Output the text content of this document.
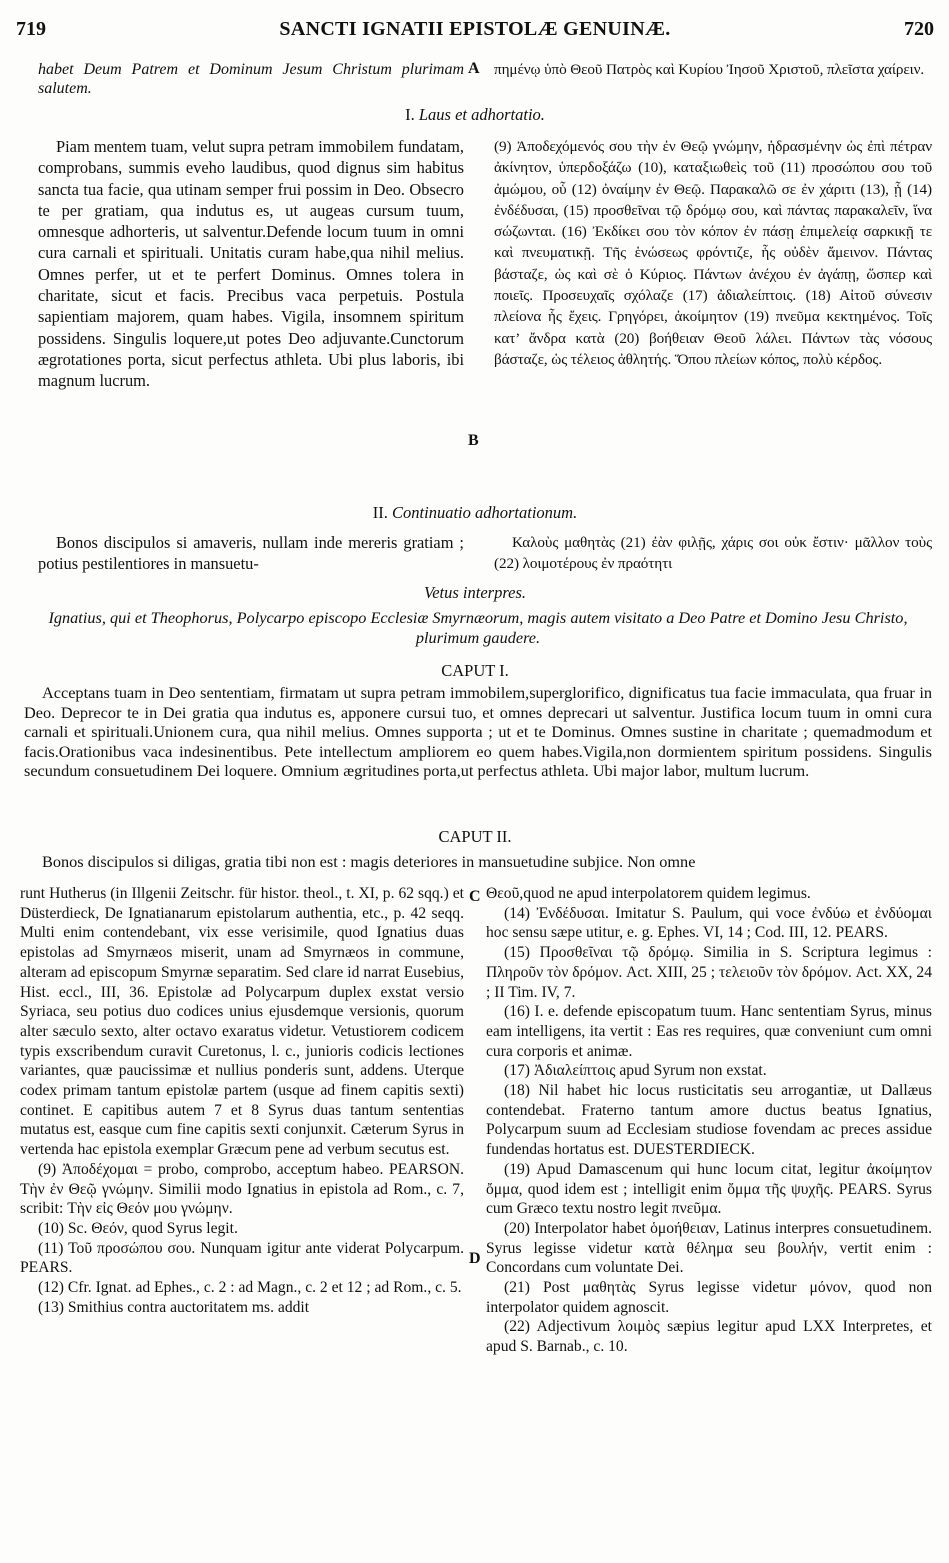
719	SANCTI IGNATII EPISTOLÆ GENUINÆ.	720
habet Deum Patrem et Dominum Jesum Christum plurimam salutem.
πημένῳ ὑπὸ Θεοῦ Πατρὸς καὶ Κυρίου Ἰησοῦ Χριστοῦ, πλεῖστα χαίρειν.
A
I. Laus et adhortatio.

Piam mentem tuam, velut supra petram immobilem fundatam, comprobans, summis eveho laudibus, quod dignus sim habitus sancta tua facie, qua utinam semper frui possim in Deo. Obsecro te per gratiam, qua indutus es, ut augeas cursum tuum, omnesque adhorteris, ut salventur.Defende locum tuum in omni cura carnali et spirituali. Unitatis curam habe,qua nihil melius. Omnes perfer, ut et te perfert Dominus. Omnes tolera in charitate, sicut et facis. Precibus vaca perpetuis. Postula sapientiam majorem, quam habes. Vigila, insomnem spiritum possidens. Singulis loquere,ut potes Deo adjuvante.Cunctorum ægrotationes porta, sicut perfectus athleta. Ubi plus laboris, ibi magnum lucrum.

(9) Ἀποδεχόμενός σου τὴν ἐν Θεῷ γνώμην, ἡδρασμένην ὡς ἐπὶ πέτραν ἀκίνητον, ὑπερδοξάζω (10), καταξιωθεὶς τοῦ (11) προσώπου σου τοῦ ἀμώμου, οὗ (12) ὀναίμην ἐν Θεῷ. Παρακαλῶ σε ἐν χάριτι (13), ᾗ (14) ἐνδέδυσαι, (15) προσθεῖναι τῷ δρόμῳ σου, καὶ πάντας παρακαλεῖν, ἵνα σώζωνται. (16) Ἐκδίκει σου τὸν κόπον ἐν πάσῃ ἐπιμελείᾳ σαρκικῇ τε καὶ πνευματικῇ. Τῆς ἑνώσεως φρόντιζε, ἧς οὐδὲν ἄμεινον. Πάντας βάσταζε, ὡς καὶ σὲ ὁ Κύριος. Πάντων ἀνέχου ἐν ἀγάπῃ, ὥσπερ καὶ ποιεῖς. Προσευχαῖς σχόλαζε (17) ἀδιαλείπτοις. (18) Αἰτοῦ σύνεσιν πλείονα ἧς ἔχεις. Γρηγόρει, ἀκοίμητον (19) πνεῦμα κεκτημένος. Τοῖς κατ’ ἄνδρα κατὰ (20) βοήθειαν Θεοῦ λάλει. Πάντων τὰς νόσους βάσταζε, ὡς τέλειος ἀθλητής. Ὅπου πλείων κόπος, πολὺ κέρδος.

B
II. Continuatio adhortationum.

Bonos discipulos si amaveris, nullam inde mereris gratiam ; potius pestilentiores in mansuetu-

Καλοὺς μαθητὰς (21) ἐὰν φιλῇς, χάρις σοι οὐκ ἔστιν· μᾶλλον τοὺς (22) λοιμοτέρους ἐν πραότητι

Vetus interpres.
Ignatius, qui et Theophorus, Polycarpo episcopo Ecclesiæ Smyrnæorum, magis autem visitato a Deo Patre et Domino Jesu Christo, plurimum gaudere.
CAPUT I.

Acceptans tuam in Deo sententiam, firmatam ut supra petram immobilem,superglorifico, dignificatus tua facie immaculata, qua fruar in Deo. Deprecor te in Dei gratia qua indutus es, apponere cursui tuo, et omnes deprecari ut salventur. Justifica locum tuum in omni cura carnali et spirituali.Unionem cura, qua nihil melius. Omnes supporta ; ut et te Dominus. Omnes sustine in charitate ; quemadmodum et facis.Orationibus vaca indesinentibus. Pete intellectum ampliorem eo quem habes.Vigila,non dormientem spiritum possidens. Singulis secundum consuetudinem Dei loquere. Omnium ægritudines porta,ut perfectus athleta. Ubi major labor, multum lucrum.

CAPUT II.

Bonos discipulos si diligas, gratia tibi non est : magis deteriores in mansuetudine subjice. Non omne

runt Hutherus (in Illgenii Zeitschr. für histor. theol., t. XI, p. 62 sqq.) et Düsterdieck, De Ignatianarum epistolarum authentia, etc., p. 42 seqq. Multi enim contendebant, vix esse verisimile, quod Ignatius duas epistolas ad Smyrnæos miserit, unam ad Smyrnæos in commune, alteram ad episcopum Smyrnæ separatim. Sed clare id narrat Eusebius, Hist. eccl., III, 36. Epistolæ ad Polycarpum duplex exstat versio Syriaca, seu potius duo codices unius ejusdemque versionis, quorum alter sæculo sexto, alter octavo exaratus videtur. Vetustiorem codicem typis exscribendum curavit Curetonus, l. c., junioris codicis lectiones variantes, quæ paucissimæ et nullius ponderis sunt, addens. Uterque codex primam tantum epistolæ partem (usque ad finem capitis sexti) continet. E capitibus autem 7 et 8 Syrus duas tantum sententias mutatus est, easque cum fine capitis sexti conjunxit. Cæterum Syrus in vertenda hac epistola exemplar Græcum pene ad verbum secutus est.

(9) Ἀποδέχομαι = probo, comprobo, acceptum habeo. PEARSON. Τὴν ἐν Θεῷ γνώμην. Similii modo Ignatius in epistola ad Rom., c. 7, scribit: Τὴν εἰς Θεόν μου γνώμην.

(10) Sc. Θεόν, quod Syrus legit.

(11) Τοῦ προσώπου σου. Nunquam igitur ante viderat Polycarpum. PEARS.

(12) Cfr. Ignat. ad Ephes., c. 2 : ad Magn., c. 2 et 12 ; ad Rom., c. 5.

(13) Smithius contra auctoritatem ms. addit

C
D

Θεοῦ,quod ne apud interpolatorem quidem legimus.

(14) Ἐνδέδυσαι. Imitatur S. Paulum, qui voce ἐνδύω et ἐνδύομαι hoc sensu sæpe utitur, e. g. Ephes. VI, 14 ; Cod. III, 12. PEARS.

(15) Προσθεῖναι τῷ δρόμῳ. Similia in S. Scriptura legimus : Πληροῦν τὸν δρόμον. Act. XIII, 25 ; τελειοῦν τὸν δρόμον. Act. XX, 24 ; II Tim. IV, 7.

(16) I. e. defende episcopatum tuum. Hanc sententiam Syrus, minus eam intelligens, ita vertit : Eas res requires, quæ conveniunt cum omni cura corporis et animæ.

(17) Ἀδιαλείπτοις apud Syrum non exstat.

(18) Nil habet hic locus rusticitatis seu arrogantiæ, ut Dallæus contendebat. Fraterno tantum amore ductus beatus Ignatius, Polycarpum suum ad Ecclesiam studiose fovendam ac preces assidue fundendas hortatus est. DUESTERDIECK.

(19) Apud Damascenum qui hunc locum citat, legitur ἀκοίμητον ὄμμα, quod idem est ; intelligit enim ὄμμα τῆς ψυχῆς. PEARS. Syrus cum Græco textu nostro legit πνεῦμα.

(20) Interpolator habet ὁμοήθειαν, Latinus interpres consuetudinem. Syrus legisse videtur κατὰ θέλημα seu βουλήν, vertit enim : Concordans cum voluntate Dei.

(21) Post μαθητὰς Syrus legisse videtur μόνον, quod non interpolator quidem agnoscit.

(22) Adjectivum λοιμὸς sæpius legitur apud LXX Interpretes, et apud S. Barnab., c. 10.
